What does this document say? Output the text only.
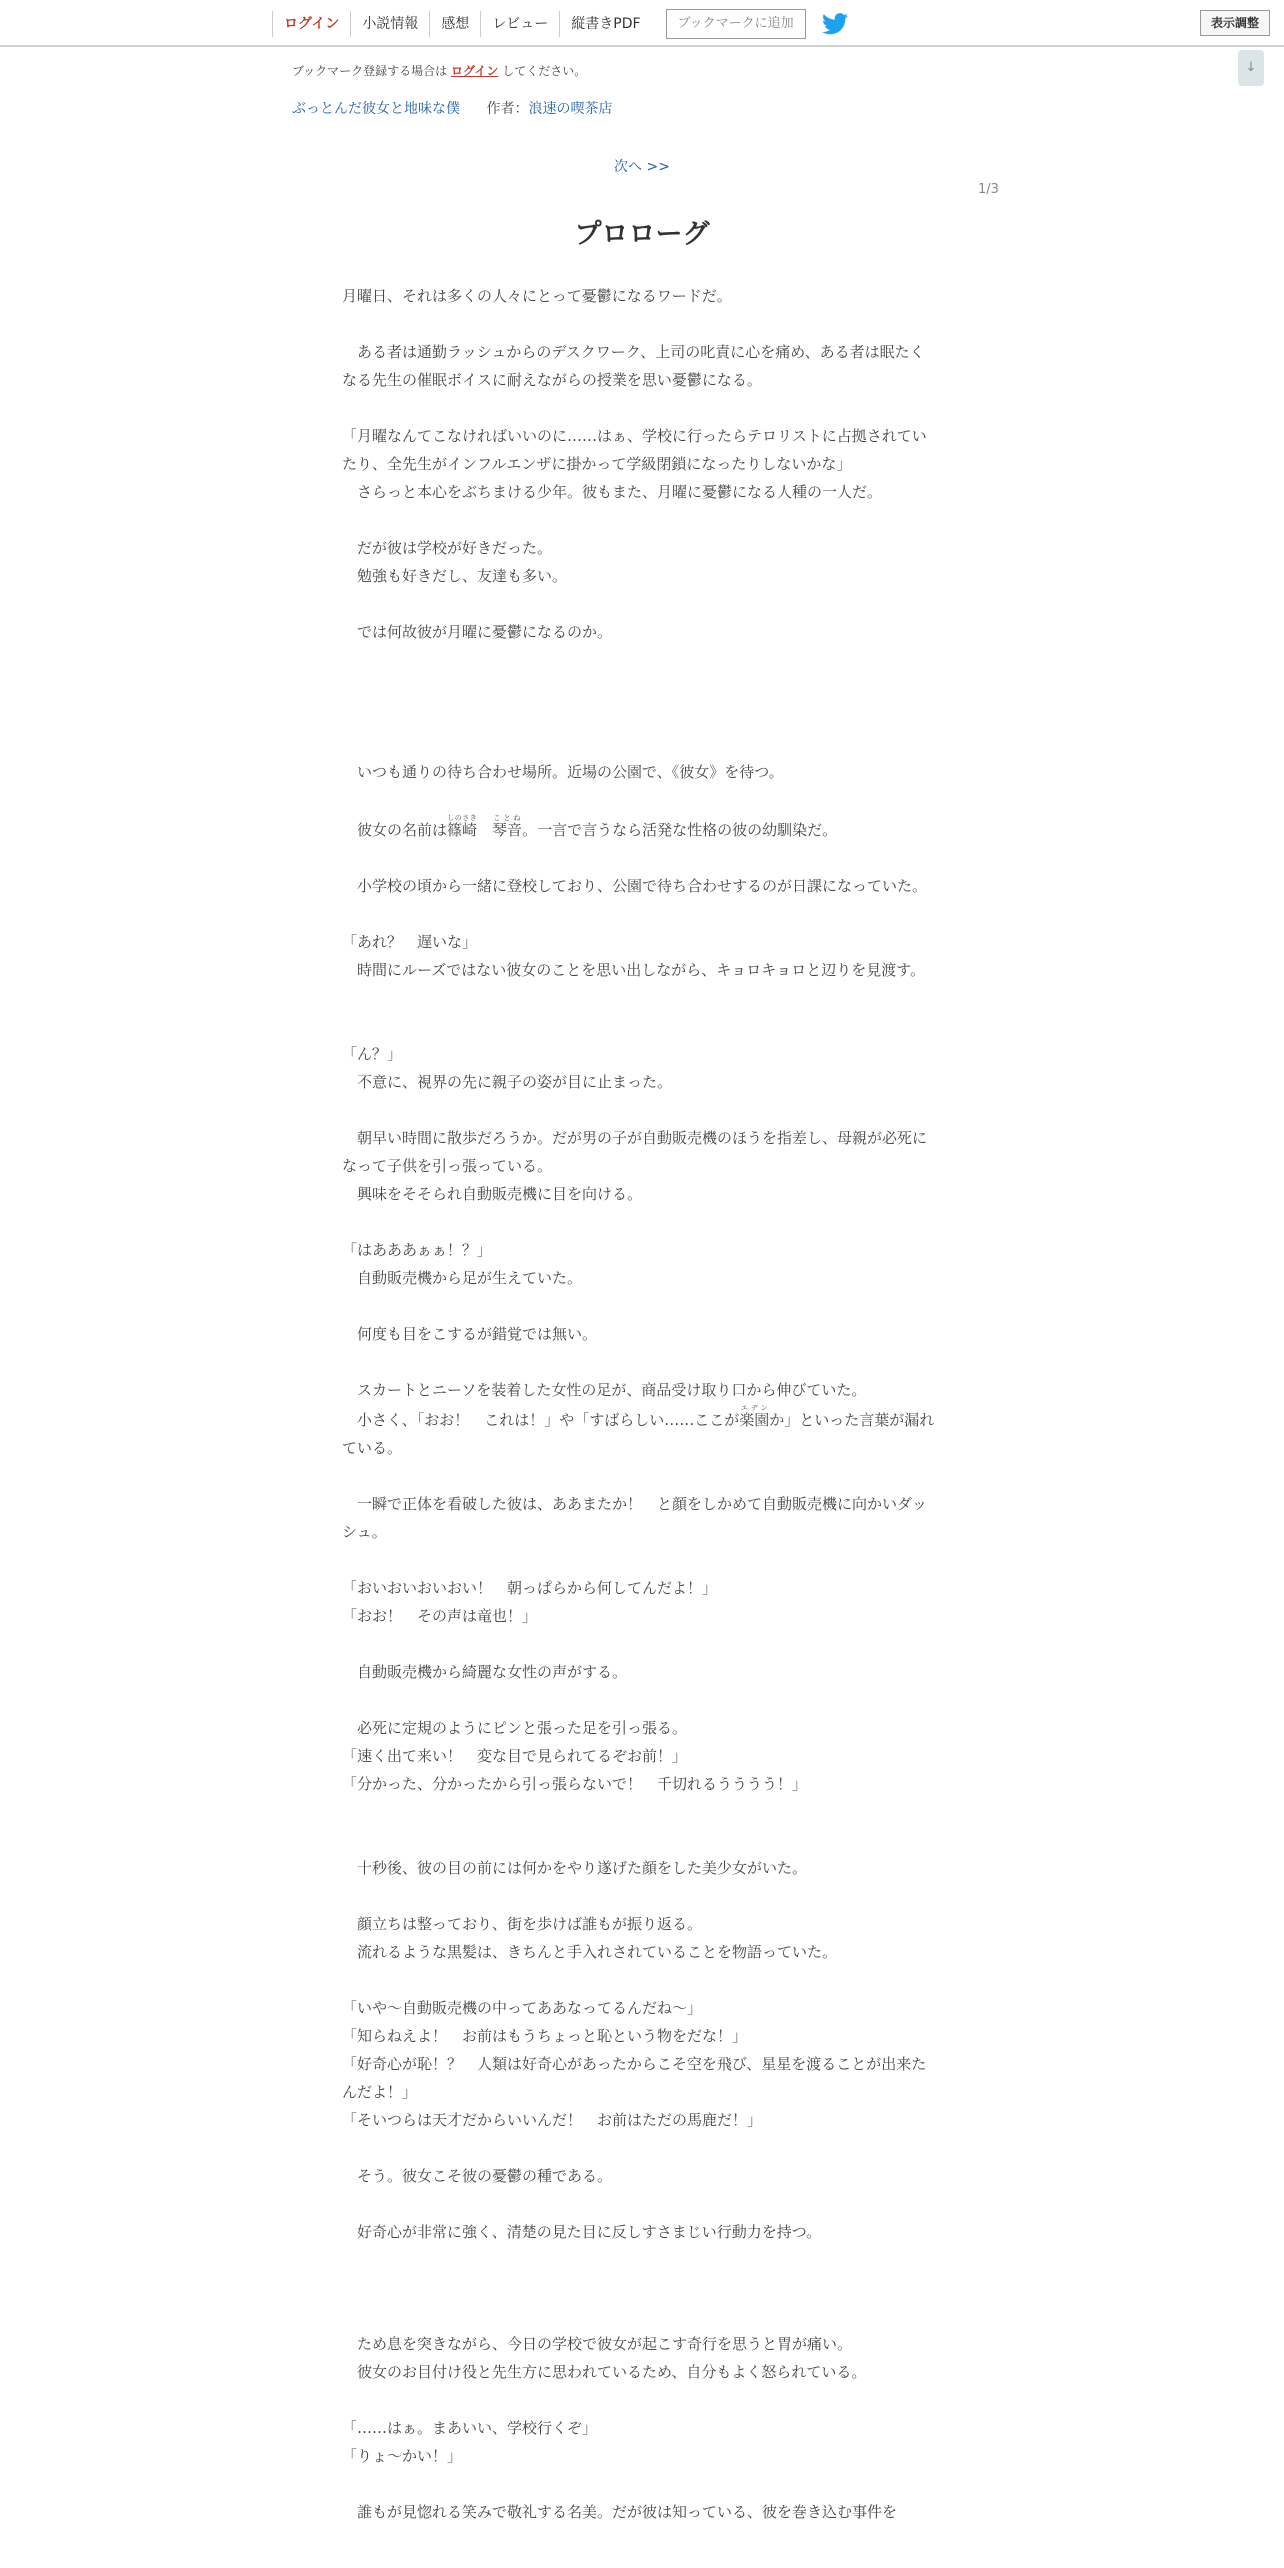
ログイン	小説情報	感想	レビュー	縦書きPDF	ブックマークに追加	表示調整
↓
ブックマーク登録する場合は ログイン してください。
ぶっとんだ彼女と地味な僕 作者：浪速の喫茶店
次へ >>
1/3
プロローグ

月曜日、それは多くの人々にとって憂鬱になるワードだ。

ある者は通勤ラッシュからのデスクワーク、上司の叱責に心を痛め、ある者は眠たくなる先生の催眠ボイスに耐えながらの授業を思い憂鬱になる。

「月曜なんてこなければいいのに……はぁ、学校に行ったらテロリストに占拠されていたり、全先生がインフルエンザに掛かって学級閉鎖になったりしないかな」

さらっと本心をぶちまける少年。彼もまた、月曜に憂鬱になる人種の一人だ。

だが彼は学校が好きだった。

勉強も好きだし、友達も多い。

では何故彼が月曜に憂鬱になるのか。

いつも通りの待ち合わせ場所。近場の公園で、《彼女》を待つ。

彼女の名前は篠崎しのさき　琴音ことね。一言で言うなら活発な性格の彼の幼馴染だ。

小学校の頃から一緒に登校しており、公園で待ち合わせするのが日課になっていた。

「あれ？　遅いな」

時間にルーズではない彼女のことを思い出しながら、キョロキョロと辺りを見渡す。

「ん？」

不意に、視界の先に親子の姿が目に止まった。

朝早い時間に散歩だろうか。だが男の子が自動販売機のほうを指差し、母親が必死になって子供を引っ張っている。

興味をそそられ自動販売機に目を向ける。

「はあああぁぁ！？」

自動販売機から足が生えていた。

何度も目をこするが錯覚では無い。

スカートとニーソを装着した女性の足が、商品受け取り口から伸びていた。

小さく、「おお！　これは！」や「すばらしい……ここが楽園エデンか」といった言葉が漏れている。

一瞬で正体を看破した彼は、ああまたか！　と顔をしかめて自動販売機に向かいダッシュ。

「おいおいおいおい！　朝っぱらから何してんだよ！」

「おお！　その声は竜也！」

自動販売機から綺麗な女性の声がする。

必死に定規のようにピンと張った足を引っ張る。

「速く出て来い！　変な目で見られてるぞお前！」

「分かった、分かったから引っ張らないで！　千切れるうううう！」

十秒後、彼の目の前には何かをやり遂げた顔をした美少女がいた。

顔立ちは整っており、街を歩けば誰もが振り返る。

流れるような黒髪は、きちんと手入れされていることを物語っていた。

「いや～自動販売機の中ってああなってるんだね～」

「知らねえよ！　お前はもうちょっと恥という物をだな！」

「好奇心が恥！？　人類は好奇心があったからこそ空を飛び、星星を渡ることが出来たんだよ！」

「そいつらは天才だからいいんだ！　お前はただの馬鹿だ！」

そう。彼女こそ彼の憂鬱の種である。

好奇心が非常に強く、清楚の見た目に反しすさまじい行動力を持つ。

ため息を突きながら、今日の学校で彼女が起こす奇行を思うと胃が痛い。

彼女のお目付け役と先生方に思われているため、自分もよく怒られている。

「……はぁ。まあいい、学校行くぞ」

「りょ～かい！」

誰もが見惚れる笑みで敬礼する名美。だが彼は知っている、彼を巻き込む事件を
